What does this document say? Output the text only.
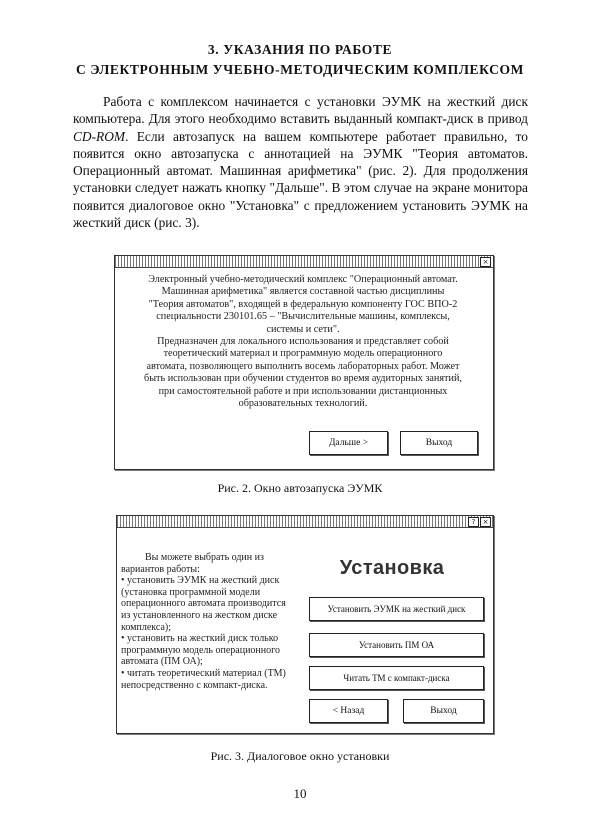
3. УКАЗАНИЯ ПО РАБОТЕ
С ЭЛЕКТРОННЫМ УЧЕБНО-МЕТОДИЧЕСКИМ КОМПЛЕКСОМ

Работа с комплексом начинается с установки ЭУМК на жесткий диск компьютера. Для этого необходимо вставить выданный компакт-диск в привод CD-ROM. Если автозапуск на вашем компьютере работает правильно, то появится окно автозапуска с аннотацией на ЭУМК "Теория автоматов. Операционный автомат. Машинная арифметика" (рис. 2). Для продолжения установки следует нажать кнопку "Дальше". В этом случае на экране монитора появится диалоговое окно "Установка" с предложением установить ЭУМК на жесткий диск (рис. 3).

×

Электронный учебно-методический комплекс "Операционный автомат. Машинная арифметика" является составной частью дисциплины "Теория автоматов", входящей в федеральную компоненту ГОС ВПО-2 специальности 230101.65 – "Вычислительные машины, комплексы, системы и сети".

Предназначен для локального использования и представляет собой теоретический материал и программную модель операционного автомата, позволяющего выполнить восемь лабораторных работ. Может быть использован при обучении студентов во время аудиторных занятий, при самостоятельной работе и при использовании дистанционных образовательных технологий.

Дальше >	Выход
Рис. 2. Окно автозапуска ЭУМК
?	×

Вы можете выбрать один из вариантов работы:

• установить ЭУМК на жесткий диск (установка программной модели операционного автомата производится из установленного на жестком диске комплекса);

• установить на жесткий диск только программную модель операционного автомата (ПМ ОА);

• читать теоретический материал (ТМ) непосредственно с компакт-диска.

Установка
Установить ЭУМК на жесткий диск
Установить ПМ ОА
Читать ТМ с компакт-диска
< Назад	Выход
Рис. 3. Диалоговое окно установки
10
